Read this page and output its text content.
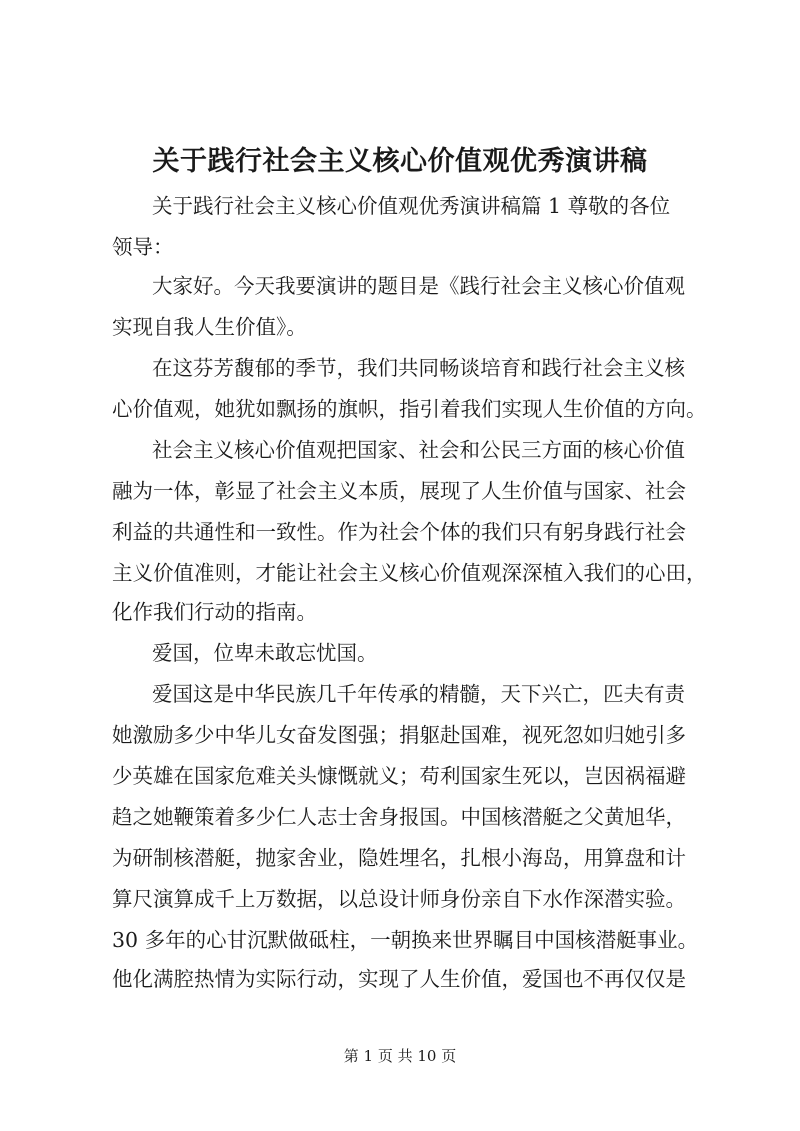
关于践行社会主义核心价值观优秀演讲稿
关于践行社会主义核心价值观优秀演讲稿篇 1 尊敬的各位
领导：
大家好。今天我要演讲的题目是《践行社会主义核心价值观
实现自我人生价值》。
在这芬芳馥郁的季节，我们共同畅谈培育和践行社会主义核
心价值观，她犹如飘扬的旗帜，指引着我们实现人生价值的方向。
社会主义核心价值观把国家、社会和公民三方面的核心价值
融为一体，彰显了社会主义本质，展现了人生价值与国家、社会
利益的共通性和一致性。作为社会个体的我们只有躬身践行社会
主义价值准则，才能让社会主义核心价值观深深植入我们的心田，
化作我们行动的指南。
爱国，位卑未敢忘忧国。
爱国这是中华民族几千年传承的精髓，天下兴亡，匹夫有责
她激励多少中华儿女奋发图强；捐躯赴国难，视死忽如归她引多
少英雄在国家危难关头慷慨就义；苟利国家生死以，岂因祸福避
趋之她鞭策着多少仁人志士舍身报国。中国核潜艇之父黄旭华，
为研制核潜艇，抛家舍业，隐姓埋名，扎根小海岛，用算盘和计
算尺演算成千上万数据，以总设计师身份亲自下水作深潜实验。
30 多年的心甘沉默做砥柱，一朝换来世界瞩目中国核潜艇事业。
他化满腔热情为实际行动，实现了人生价值，爱国也不再仅仅是
第 1 页 共 10 页
